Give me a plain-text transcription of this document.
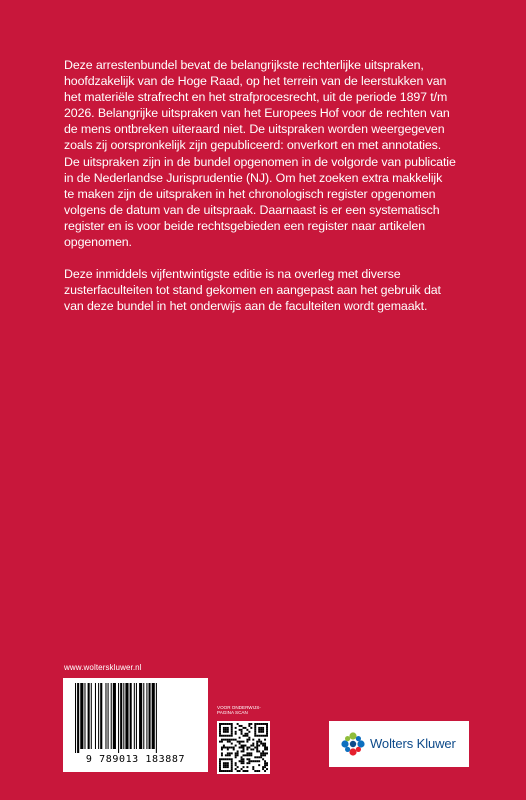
Deze arrestenbundel bevat de belangrijkste rechterlijke uitspraken,
hoofdzakelijk van de Hoge Raad, op het terrein van de leerstukken van
het materiële strafrecht en het strafprocesrecht, uit de periode 1897 t/m
2026. Belangrijke uitspraken van het Europees Hof voor de rechten van
de mens ontbreken uiteraard niet. De uitspraken worden weergegeven
zoals zij oorspronkelijk zijn gepubliceerd: onverkort en met annotaties.
De uitspraken zijn in de bundel opgenomen in de volgorde van publicatie
in de Nederlandse Jurisprudentie (NJ). Om het zoeken extra makkelijk
te maken zijn de uitspraken in het chronologisch register opgenomen
volgens de datum van de uitspraak. Daarnaast is er een systematisch
register en is voor beide rechtsgebieden een register naar artikelen
opgenomen.

Deze inmiddels vijfentwintigste editie is na overleg met diverse
zusterfaculteiten tot stand gekomen en aangepast aan het gebruik dat
van deze bundel in het onderwijs aan de faculteiten wordt gemaakt.

www.wolterskluwer.nl
9 789013 183887
VOOR ONDERWIJS-
PAGINA SCAN
Wolters Kluwer
